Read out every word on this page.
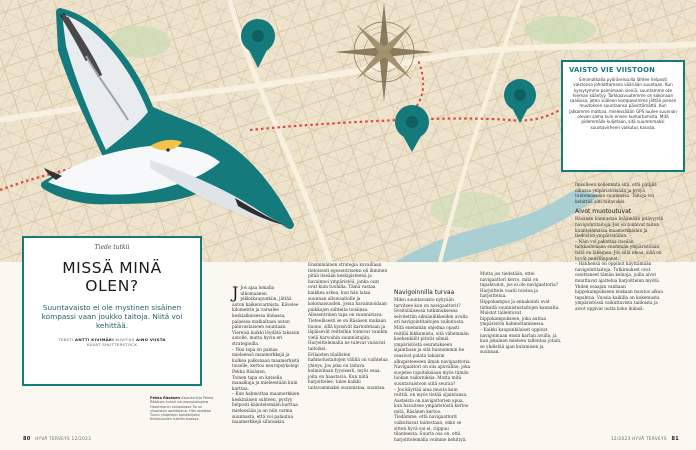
VAISTO VIE VIISTOON

Simimatkalla pyöräreissulla lähtee helposti vaistonsa johdattamana vääriään suuntaan. Kun kyrsytymme poimimaan sieniä, suuntamme ote hieman kääntyy. Tarkkaavuutemme on kokonaan saaliissa, joten siiäleen kompassimme jättää pienen muutoksen suuntaansa päivittämättä. Kun jatkamme matkaa, mielessäään GPS luulee suunnan olevan sama kuin ennen kumartumista. Mitä pidemmälle kuljetaan, sitä suuremmaksi suuntavirheen vaikutus kasvaa.

Tiede tutkii
MISSÄ MINÄ OLEN?
Suuntavaisto ei ole mystinen sisäinen kompassi vaan joukko taitoja. Niitä voi kehittää.
TEKSTI ANTTI KIVIMÄKI KUVITUS AINO VIISTA
KUVAT SHUTTERSTOCK
Pekka Räsänen Asiantuntija Pekka Räsänen toimii neuropsykologina Haartmanin sairaalassa Turun yliopiston opettajana. Hän opettaa Turun yliopiston opiskelijoita tietoisuuden tutkimuksessa.

J Jos ajaa lomalla ulkomaanen pikkukaupunkiin, jättää auton kaikenvarmista. Kävelee kilometrin ja varsalee keskiaikaisessa linnassa, palaessa matkaltaan auton päinvastaiseen suuntaan. Viereisä kaikki löydätä takaisin autolle, mutta hyvin eri strategioilla.

– Yksi tapa on painaa mieleensä maamerkkejä ja kulkea palkonaan maamerkistä toiselle, kertoo neuropsykologi Pekka Räsänen.

Toinen tapa on katsella maaalkuja ja mieleestään kuin karttaa.

– Kun hahmottaa maamerkkien keskinäisen suhteen, pystyy helposti kääntelemään karttaa mielessään ja on niin varma suunnasta, että voi palautua maamerkkejä silloisakin.

Ensimmäinen strategia kuvaillaan tietoisesti egosentriseksi eli ihminen pitää itseään keskipisteenä ja havainnoi ympäristöä, jonka osat ovat kuin tuohilla. Tämä vastaa kaikkea arkea, kun hän lataa suunnan allowaatiolle ja kokonaisuuden, jossa havainnoidaan paikkojen suhteita toisiinsa.

Allosentrinen tapa on suunnistava. Tieteellisesti se on Räsäsen mukaan huono, sillä kynsivät kartoitetaan ja läpäisevät reitteihin toimivat vainkin vielä harvoihin suunnistajiin. Harjoittelemalla ne tulevat vaisuvat taitoiksi.

Erilaisten tilallisten hahmotustaitojen välillä on vaihtelua yhteys. Jos joku on taitava kolmioitaan fyysisesti, myös osaa, joita on haastavia. Kun niitä harjoittelee, tulee kaikki taitavammaksi suunnistaa, suuntaa.

Navigoinnilla turvaa

Miksi suuntavaisto nykyään tarvitsee kun on navigaattorit?

Sveitsiläisessä tutkimuksessa selvitettiin silmänliikkeiden avulla eri navigointitaitojen vaikutusta. Mitä enemmän ohjelma opasti reitillä liikkumista, sitä vähemmän koehenkilöt pitivät silmiä ympäristöstä seuratakseen sijaintiaan ja sitä huonommin he osasivat palata takaisin alkupisteeseen ilman navigaattoria.

Navigaattori on siis apuväline, joka suojelee rajoituksiaan myös tämän luokan vaikutuksia. Mutta mitä suuntavaistoon siitä seuraa?

– Jos käyttää aina muuta kuin reittiä, on myös tietää sijaintansa. Aasteista on navigattorien apua, kun havaitsee ympäristöstä kertoo mitä, Räsänen kertoo.

Tiedämme, että navigaattorit vaikuttavat taidostaan, onko se sitten hyvä vai ei, riippuu tilanteesta. Suurin osa on, että harjoittelemalla voimme kehittyä.

Mutta jos tiedetään, ettei navigaattori kerro, mitä on tapahtunut, jos ei ole navigaattoria? Harjoittelu vaatii toistoa ja harjoittelua.

Hippokampus ja ennakointi ovat tärkeitä suunnistustaitojen kannalta. Muistot tallentuvat hippokampukseen, joka auttaa ympäristön hahmottamisessa.

– Kaikki kaupunkilaiset oppivat navigoimaan ensin kartan avulla, ja kun jokainen mieleen tallentaa jotain, se yhdistää ajan kulumisen ja suunnan.

Imisilleen kohennuta sitä, että pätijää omassa ympäristössään ja pysyä tuntemassaan suunnassa. Taitoja voi kehittää silti taitavaksi.

Aivot muotoutuvat

Räsänen kannustaa lisäämään pitävyyttä navigointitaitoja. Jos on toimivat taitoa kuuntelemassa maamerkkeihin ja tiedoston ympäristöihin.

– Näin voi pakottaa itseään tarkkailemaan enemmän ympäristöään, mitä on läheinen. Jos sillä ideaa, sillä on hyvät muistiinpanot.

– Hanhensä on oppinut käyttämään navigointitaitoja. Tutkimukset ovat osoittaneet tämän keinoja, joilla aivot muuttavat ajattelua harjoittelun myötä.

Yhden osaajan vanhaan hippokampukseen mukaan muutos alkaa tapahtua. Vuosia kaikilla on kokemusta ympäristössä vaikuttavista taidoista ja aivot oppivat uutta koko ikänsä.

80 HYVÄ TERVEYS 12/2023	12/2023 HYVÄ TERVEYS 81
